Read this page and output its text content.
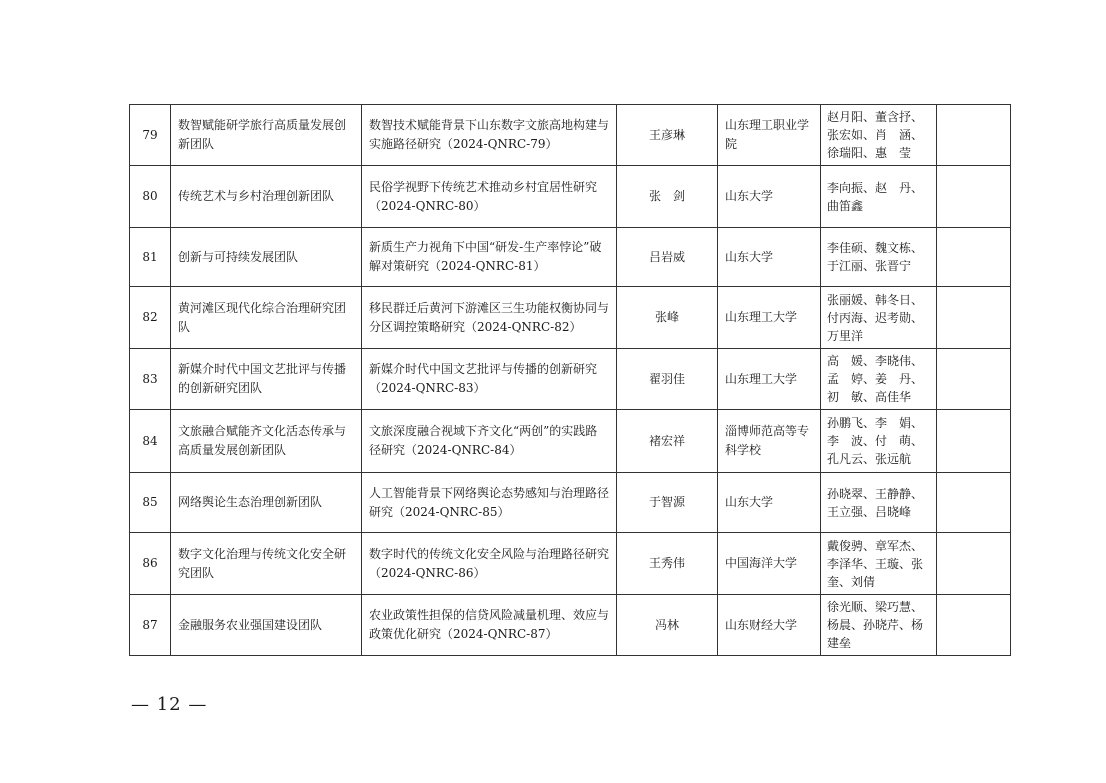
79	数智赋能研学旅行高质量发展创新团队	数智技术赋能背景下山东数字文旅高地构建与实施路径研究（2024-QNRC-79）	王彦琳	山东理工职业学院	赵月阳、董含抒、张宏如、肖　涵、徐瑞阳、惠　莹	
80	传统艺术与乡村治理创新团队	民俗学视野下传统艺术推动乡村宜居性研究（2024-QNRC-80）	张　剑	山东大学	李向振、赵　丹、曲笛鑫	
81	创新与可持续发展团队	新质生产力视角下中国“研发-生产率悖论”破解对策研究（2024-QNRC-81）	吕岩威	山东大学	李佳硕、魏文栋、于江丽、张晋宁	
82	黄河滩区现代化综合治理研究团队	移民群迁后黄河下游滩区三生功能权衡协同与分区调控策略研究（2024-QNRC-82）	张峰	山东理工大学	张丽媛、韩冬日、付丙海、迟考勋、万里洋	
83	新媒介时代中国文艺批评与传播的创新研究团队	新媒介时代中国文艺批评与传播的创新研究（2024-QNRC-83）	翟羽佳	山东理工大学	高　媛、李晓伟、孟　婷、姜　丹、初　敏、高佳华	
84	文旅融合赋能齐文化活态传承与高质量发展创新团队	文旅深度融合视域下齐文化“两创”的实践路径研究（2024-QNRC-84）	褚宏祥	淄博师范高等专科学校	孙鹏飞、李　娟、李　波、付　萌、孔凡云、张远航	
85	网络舆论生态治理创新团队	人工智能背景下网络舆论态势感知与治理路径研究（2024-QNRC-85）	于智源	山东大学	孙晓翠、王静静、王立强、吕晓峰	
86	数字文化治理与传统文化安全研究团队	数字时代的传统文化安全风险与治理路径研究（2024-QNRC-86）	王秀伟	中国海洋大学	戴俊骋、章军杰、李泽华、王璇、张奎、刘倩	
87	金融服务农业强国建设团队	农业政策性担保的信贷风险减量机理、效应与政策优化研究（2024-QNRC-87）	冯林	山东财经大学	徐光顺、梁巧慧、杨晨、孙晓芹、杨建垒	
— 12 —
